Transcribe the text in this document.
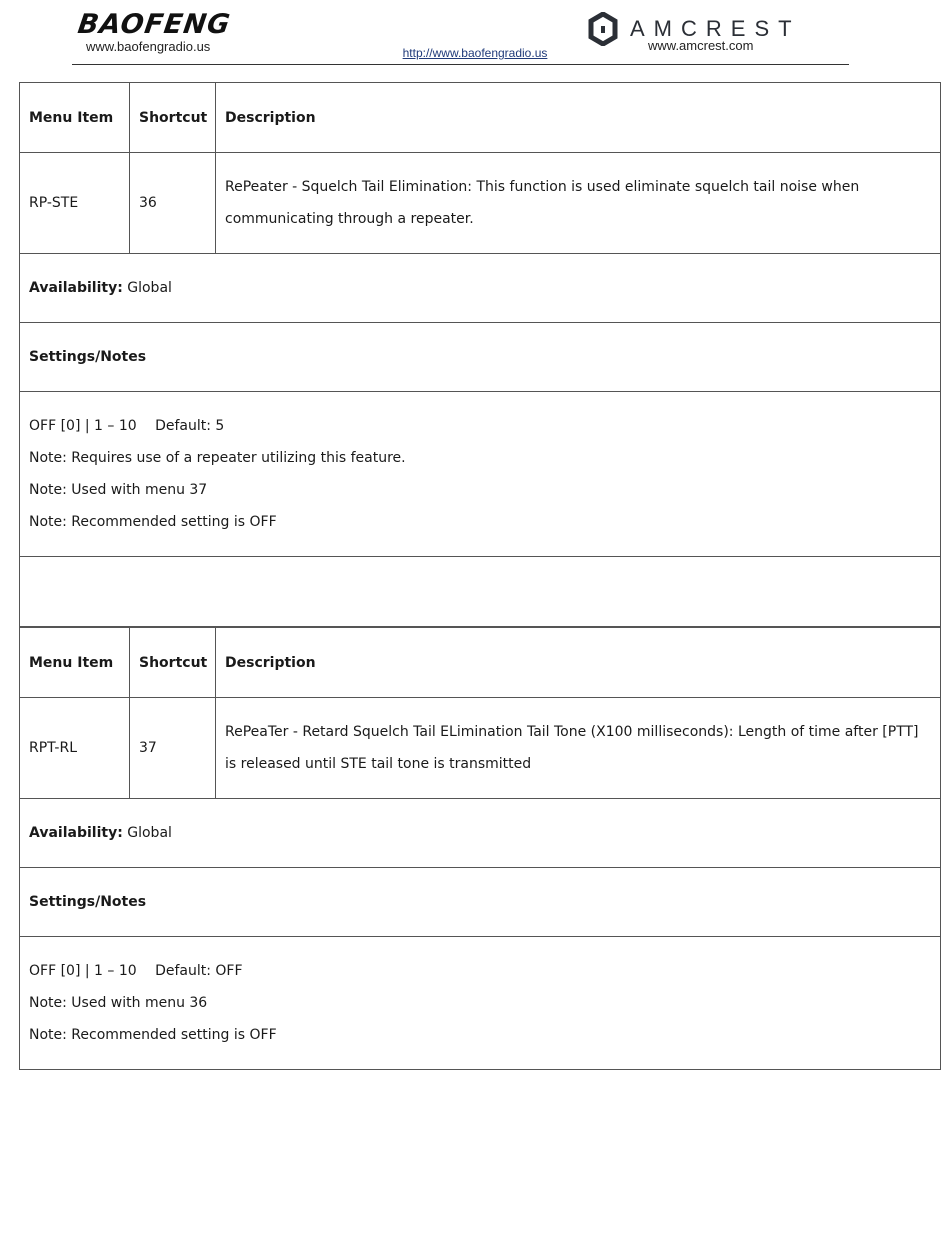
BAOFENG
www.baofengradio.us	http://www.baofengradio.us
AMCREST
www.amcrest.com
Menu Item	Shortcut	Description
RP-STE	36	RePeater - Squelch Tail Elimination: This function is used eliminate squelch tail noise when communicating through a repeater.
Availability: Global		
Settings/Notes		

OFF [0] | 1 – 10  Default: 5
Note: Requires use of a repeater utilizing this feature.
Note: Used with menu 37
Note: Recommended setting is OFF		

Menu Item	Shortcut	Description
RPT-RL	37	RePeaTer - Retard Squelch Tail ELimination Tail Tone (X100 milliseconds): Length of time after [PTT] is released until STE tail tone is transmitted
Availability: Global		
Settings/Notes		

OFF [0] | 1 – 10  Default: OFF
Note: Used with menu 36
Note: Recommended setting is OFF		
